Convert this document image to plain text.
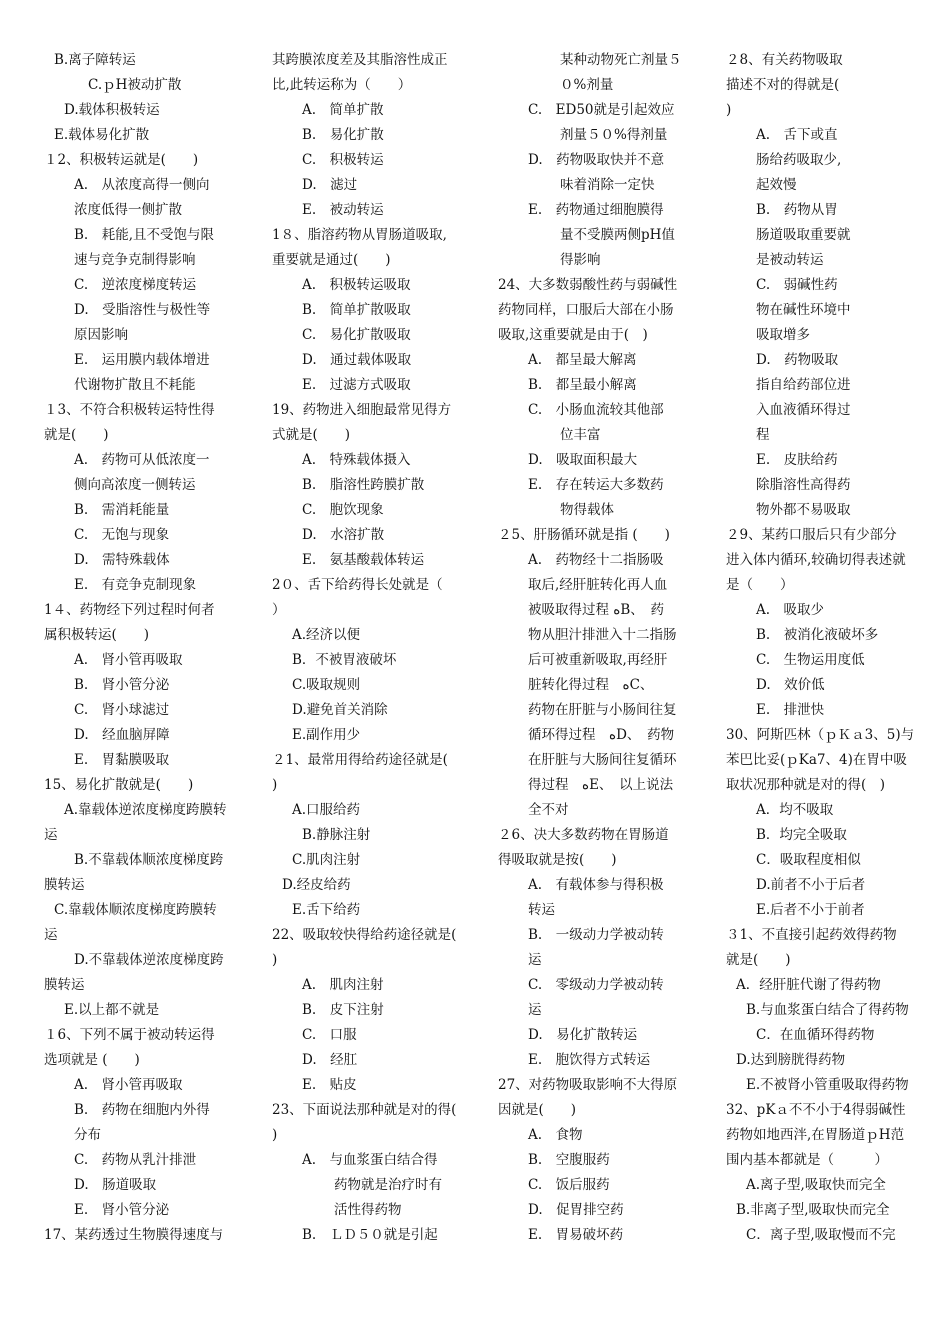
B.离子障转运
C.ｐH被动扩散
D.载体积极转运
E.载体易化扩散
１2、积极转运就是(　　)
A.　从浓度高得一侧向
浓度低得一侧扩散
B.　耗能,且不受饱与限
速与竞争克制得影响
C.　逆浓度梯度转运
D.　受脂溶性与极性等
原因影响
E.　运用膜内载体增进
代谢物扩散且不耗能
１3、不符合积极转运特性得
就是(　　)
A.　药物可从低浓度一
侧向高浓度一侧转运
B.　需消耗能量
C.　无饱与现象
D.　需特殊载体
E.　有竞争克制现象
1４、药物经下列过程时何者
属积极转运(　　)
A.　肾小管再吸取
B.　肾小管分泌
C.　肾小球滤过
D.　经血脑屏障
E.　胃黏膜吸取
15、易化扩散就是(　　)
A.靠载体逆浓度梯度跨膜转
运
B.不靠载体顺浓度梯度跨
膜转运
C.靠载体顺浓度梯度跨膜转
运
D.不靠载体逆浓度梯度跨
膜转运
E.以上都不就是
１6、下列不属于被动转运得
选项就是 (　　)
A.　肾小管再吸取
B.　药物在细胞内外得
分布
C.　药物从乳汁排泄
D.　肠道吸取
E.　肾小管分泌
17、某药透过生物膜得速度与
其跨膜浓度差及其脂溶性成正
比,此转运称为（　　）
A.　简单扩散
B.　易化扩散
C.　积极转运
D.　滤过
E.　被动转运
1８、脂溶药物从胃肠道吸取,
重要就是通过(　　)
A.　积极转运吸取
B.　简单扩散吸取
C.　易化扩散吸取
D.　通过载体吸取
E.　过滤方式吸取
19、药物进入细胞最常见得方
式就是(　　)
A.　特殊载体摄入
B.　脂溶性跨膜扩散
C.　胞饮现象
D.　水溶扩散
E.　氨基酸载体转运
2０、舌下给药得长处就是（
）
A.经济以便
B．不被胃液破坏
C.吸取规则
D.避免首关消除
E.副作用少
２1、最常用得给药途径就是(
)
A.口服给药
B.静脉注射
C.肌肉注射
D.经皮给药
E.舌下给药
22、吸取较快得给药途径就是(
)
A.　肌肉注射
B.　皮下注射
C.　口服
D.　经肛
E.　贴皮
23、下面说法那种就是对的得(
)
A.　与血浆蛋白结合得
药物就是治疗时有
活性得药物
B.　ＬＤ５０就是引起
某种动物死亡剂量５
０%剂量
C.　ED50就是引起效应
剂量５０%得剂量
D.　药物吸取快并不意
味着消除一定快
E.　药物通过细胞膜得
量不受膜两侧pH值
得影响
24、大多数弱酸性药与弱碱性
药物同样，口服后大部在小肠
吸取,这重要就是由于(　)
A.　都呈最大解离
B.　都呈最小解离
C.　小肠血流较其他部
位丰富
D.　吸取面积最大
E.　存在转运大多数药
物得载体
２5、肝肠循环就是指 (　　)
A.　药物经十二指肠吸
取后,经肝脏转化再人血
被吸取得过程 ﻩB、　药
物从胆汁排泄入十二指肠
后可被重新吸取,再经肝
脏转化得过程　ﻩC、
药物在肝脏与小肠间往复
循环得过程　ﻩD、　药物
在肝脏与大肠间往复循环
得过程　ﻩE、　以上说法
全不对
２6、决大多数药物在胃肠道
得吸取就是按(　　)
A.　有载体参与得积极
转运
B.　一级动力学被动转
运
C.　零级动力学被动转
运
D.　易化扩散转运
E.　胞饮得方式转运
27、对药物吸取影响不大得原
因就是(　　)
A.　食物
B.　空腹服药
C.　饭后服药
D.　促胃排空药
E.　胃易破坏药
２8、有关药物吸取
描述不对的得就是(
)
A.　舌下或直
肠给药吸取少,
起效慢
B.　药物从胃
肠道吸取重要就
是被动转运
C.　弱碱性药
物在碱性环境中
吸取增多
D.　药物吸取
指自给药部位进
入血液循环得过
程
E.　皮肤给药
除脂溶性高得药
物外都不易吸取
２9、某药口服后只有少部分
进入体内循环,较确切得表述就
是（　　）
A.　吸取少
B.　被消化液破坏多
C.　生物运用度低
D.　效价低
E.　排泄快
30、阿斯匹林（ｐＫａ3、5)与
苯巴比妥(ｐKa7、4)在胃中吸
取状况那种就是对的得(　)
A．均不吸取
B．均完全吸取
C．吸取程度相似
D.前者不小于后者
E.后者不小于前者
３1、不直接引起药效得药物
就是(　　)
A．经肝脏代谢了得药物
B.与血浆蛋白结合了得药物
C．在血循环得药物
D.达到膀胱得药物
E.不被肾小管重吸取得药物
32、pKａ不不小于4得弱碱性
药物如地西泮,在胃肠道ｐH范
围内基本都就是（　　　）
A.离子型,吸取快而完全
B.非离子型,吸取快而完全
C．离子型,吸取慢而不完
